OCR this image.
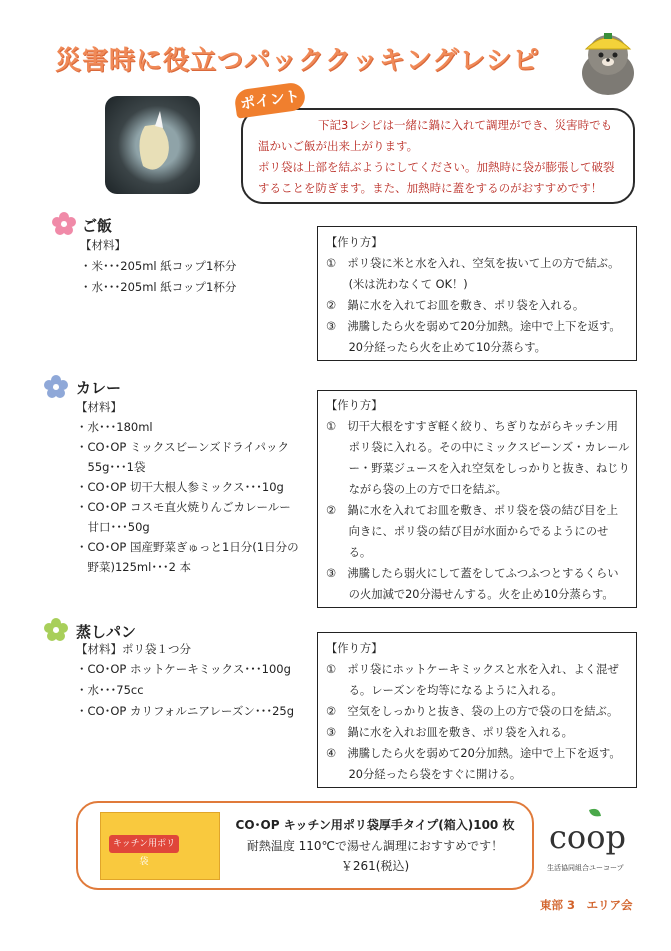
災害時に役立つパッククッキングレシピ
ポイント
下記3レシピは一緒に鍋に入れて調理ができ、災害時でも
温かいご飯が出来上がります。
ポリ袋は上部を結ぶようにしてください。加熱時に袋が膨張して破裂
することを防ぎます。また、加熱時に蓋をするのがおすすめです！
ご飯
【材料】
・米･･･205ml 紙コップ1杯分
・水･･･205ml 紙コップ1杯分
【作り方】
①　ポリ袋に米と水を入れ、空気を抜いて上の方で結ぶ。
　　(米は洗わなくて OK！)
②　鍋に水を入れてお皿を敷き、ポリ袋を入れる。
③　沸騰したら火を弱めて20分加熱。途中で上下を返す。
　　20分経ったら火を止めて10分蒸らす。
カレー
【材料】
・水･･･180ml
・CO･OP ミックスビーンズドライパック
　55g･･･1袋
・CO･OP 切干大根人参ミックス･･･10g
・CO･OP コスモ直火焼りんごカレールー
　甘口･･･50g
・CO･OP 国産野菜ぎゅっと1日分(1日分の
　野菜)125ml･･･2 本
【作り方】
①　切干大根をすすぎ軽く絞り、ちぎりながらキッチン用
　　ポリ袋に入れる。その中にミックスビーンズ・カレール
　　ー・野菜ジュースを入れ空気をしっかりと抜き、ねじり
　　ながら袋の上の方で口を結ぶ。
②　鍋に水を入れてお皿を敷き、ポリ袋を袋の結び目を上
　　向きに、ポリ袋の結び目が水面からでるようにのせ
　　る。
③　沸騰したら弱火にして蓋をしてふつふつとするくらい
　　の火加減で20分湯せんする。火を止め10分蒸らす。
蒸しパン
【材料】ポリ袋１つ分
・CO･OP ホットケーキミックス･･･100g
・水･･･75cc
・CO･OP カリフォルニアレーズン･･･25g
【作り方】
①　ポリ袋にホットケーキミックスと水を入れ、よく混ぜ
　　る。レーズンを均等になるように入れる。
②　空気をしっかりと抜き、袋の上の方で袋の口を結ぶ。
③　鍋に水を入れお皿を敷き、ポリ袋を入れる。
④　沸騰したら火を弱めて20分加熱。途中で上下を返す。
　　20分経ったら袋をすぐに開ける。
キッチン用ポリ袋
CO･OP キッチン用ポリ袋厚手タイプ(箱入)100 枚
耐熱温度 110℃で湯せん調理におすすめです！
￥261(税込)
coop
生活協同組合ユーコープ
東部 3　エリア会
